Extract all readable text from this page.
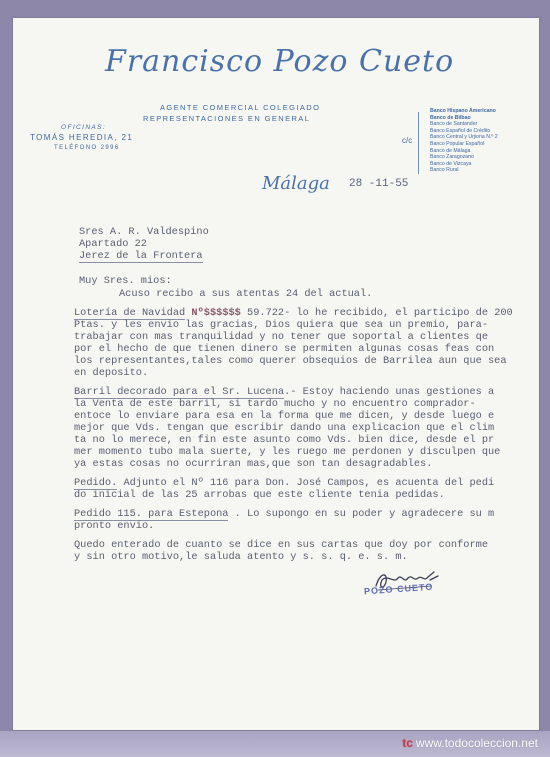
Francisco Pozo Cueto
AGENTE COMERCIAL COLEGIADO
REPRESENTACIONES EN GENERAL
OFICINAS:
TOMÁS HEREDIA, 21
TELÉFONO 2996
c/c
Banco Hispano Americano
Banco de Bilbao
Banco de Santander
Banco Español de Crédito
Banco Central y Urjiona N.º 2
Banco Popular Español
Banco de Málaga
Banco Zaragozano
Banco de Vizcaya
Banco Rural
Málaga 28 -11-55
Sres A. R. Valdespino
Apartado 22
Jerez de la Frontera
Muy Sres. mios:
Acuso recibo a sus atentas 24 del actual.
Lotería de Navidad Nº$$$$$$ 59.722- lo he recibido, el participo de 200
Ptas. y les envio las gracias, Dios quiera que sea un premio, para-
trabajar con mas tranquilidad y no tener que soportal a clientes qe
por el hecho de que tienen dinero se permiten algunas cosas feas con
los representantes,tales como querer obsequios de Barrilea aun que sea
en deposito.
Barril decorado para el Sr. Lucena.- Estoy haciendo unas gestiones a
la Venta de este barril, si tardo mucho y no encuentro comprador-
entoce lo enviare para esa en la forma que me dicen, y desde luego e
mejor que Vds. tengan que escribir dando una explicacion que el clim
ta no lo merece, en fin este asunto como Vds. bien dice, desde el pr
mer momento tubo mala suerte, y les ruego me perdonen y disculpen que
ya estas cosas no ocurriran mas,que son tan desagradables.
Pedido. Adjunto el Nº 116 para Don. José Campos, es acuenta del pedi
do inicial de las 25 arrobas que este cliente tenia pedidas.
Pedido 115. para Estepona . Lo supongo en su poder y agradecere su m
pronto envio.
Quedo enterado de cuanto se dice en sus cartas que doy por conforme
y sin otro motivo,le saluda atento y s. s. q. e. s. m.
POZO CUETO
tc www.todocoleccion.net
